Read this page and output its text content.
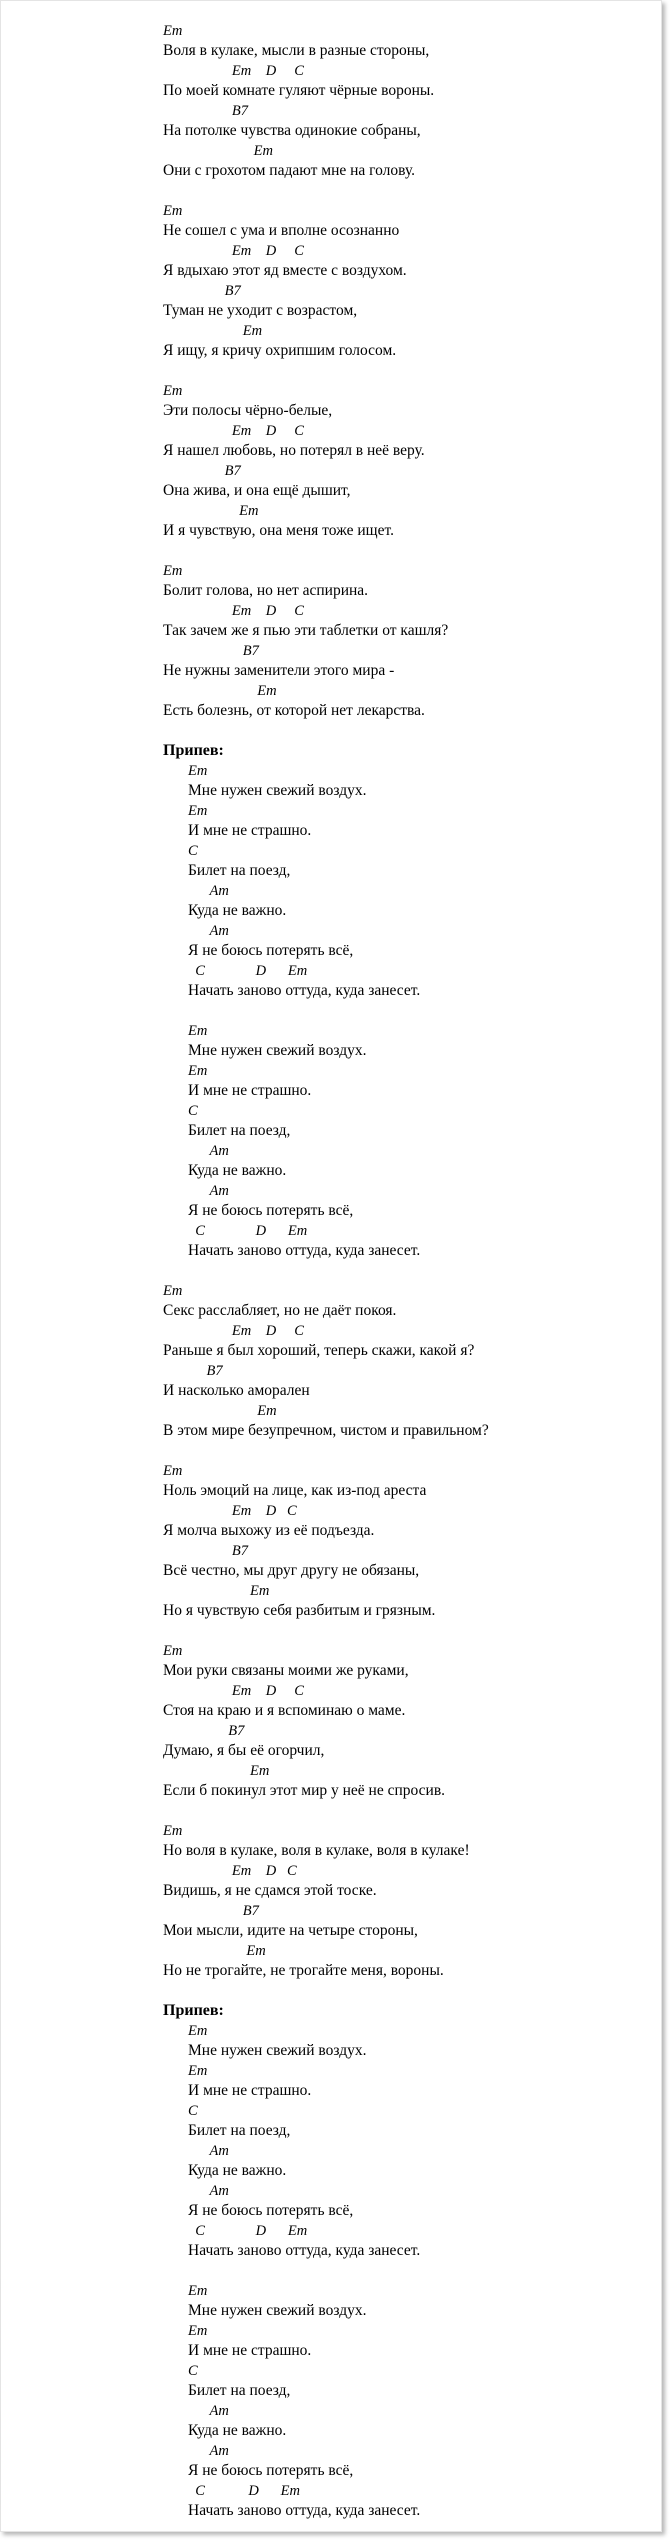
Em
Воля в кулаке, мысли в разные стороны,
Em    D     C
По моей комнате гуляют чёрные вороны.
B7
На потолке чувства одинокие собраны,
Em
Они с грохотом падают мне на голову.
Em
Не сошел с ума и вполне осознанно
Em    D     C
Я вдыхаю этот яд вместе с воздухом.
B7
Туман не уходит с возрастом,
Em
Я ищу, я кричу охрипшим голосом.
Em
Эти полосы чёрно-белые,
Em    D     C
Я нашел любовь, но потерял в неё веру.
B7
Она жива, и она ещё дышит,
Em
И я чувствую, она меня тоже ищет.
Em
Болит голова, но нет аспирина.
Em    D     C
Так зачем же я пью эти таблетки от кашля?
B7
Не нужны заменители этого мира -
Em
Есть болезнь, от которой нет лекарства.
Припев:
Em
Мне нужен свежий воздух.
Em
И мне не страшно.
C
Билет на поезд,
Am
Куда не важно.
Am
Я не боюсь потерять всё,
C              D      Em
Начать заново оттуда, куда занесет.
Em
Мне нужен свежий воздух.
Em
И мне не страшно.
C
Билет на поезд,
Am
Куда не важно.
Am
Я не боюсь потерять всё,
C              D      Em
Начать заново оттуда, куда занесет.
Em
Секс расслабляет, но не даёт покоя.
Em    D     C
Раньше я был хороший, теперь скажи, какой я?
B7
И насколько аморален
Em
В этом мире безупречном, чистом и правильном?
Em
Ноль эмоций на лице, как из-под ареста
Em    D   C
Я молча выхожу из её подъезда.
B7
Всё честно, мы друг другу не обязаны,
Em
Но я чувствую себя разбитым и грязным.
Em
Мои руки связаны моими же руками,
Em    D     C
Стоя на краю и я вспоминаю о маме.
B7
Думаю, я бы её огорчил,
Em
Если б покинул этот мир у неё не спросив.
Em
Но воля в кулаке, воля в кулаке, воля в кулаке!
Em    D   C
Видишь, я не сдамся этой тоске.
B7
Мои мысли, идите на четыре стороны,
Em
Но не трогайте, не трогайте меня, вороны.
Припев:
Em
Мне нужен свежий воздух.
Em
И мне не страшно.
C
Билет на поезд,
Am
Куда не важно.
Am
Я не боюсь потерять всё,
C              D      Em
Начать заново оттуда, куда занесет.
Em
Мне нужен свежий воздух.
Em
И мне не страшно.
C
Билет на поезд,
Am
Куда не важно.
Am
Я не боюсь потерять всё,
C            D      Em
Начать заново оттуда, куда занесет.
